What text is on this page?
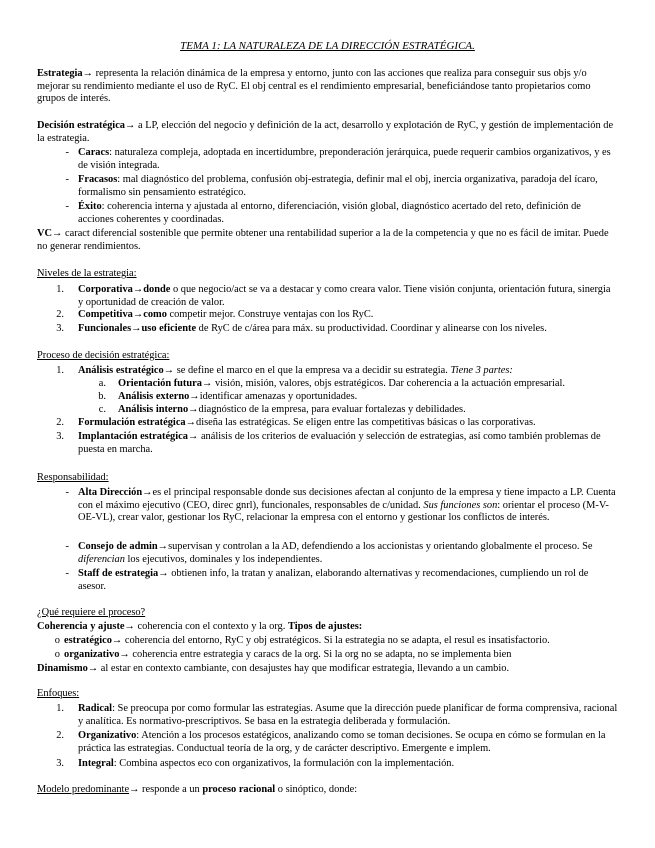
TEMA 1: LA NATURALEZA DE LA DIRECCIÓN ESTRATÉGICA.

Estrategia→ representa la relación dinámica de la empresa y entorno, junto con las acciones que realiza para conseguir sus objs y/o mejorar su rendimiento mediante el uso de RyC. El obj central es el rendimiento empresarial, beneficiándose tanto propietarios como grupos de interés.

Decisión estratégica→ a LP, elección del negocio y definición de la act, desarrollo y explotación de RyC, y gestión de implementación de la estrategia.

- Caracs: naturaleza compleja, adoptada en incertidumbre, preponderación jerárquica, puede requerir cambios organizativos, y es de visión integrada.

- Fracasos: mal diagnóstico del problema, confusión obj-estrategia, definir mal el obj, inercia organizativa, paradoja del ícaro, formalismo sin pensamiento estratégico.

- Éxito: coherencia interna y ajustada al entorno, diferenciación, visión global, diagnóstico acertado del reto, definición de acciones coherentes y coordinadas.

VC→ caract diferencial sostenible que permite obtener una rentabilidad superior a la de la competencia y que no es fácil de imitar. Puede no generar rendimientos.

Niveles de la estrategia:

1. Corporativa→donde o que negocio/act se va a destacar y como creara valor. Tiene visión conjunta, orientación futura, sinergia y oportunidad de creación de valor.

2. Competitiva→como competir mejor. Construye ventajas con los RyC.

3. Funcionales→uso eficiente de RyC de c/área para máx. su productividad. Coordinar y alinearse con los niveles.

Proceso de decisión estratégica:

1. Análisis estratégico→ se define el marco en el que la empresa va a decidir su estrategia. Tiene 3 partes:

a. Orientación futura→ visión, misión, valores, objs estratégicos. Dar coherencia a la actuación empresarial.

b. Análisis externo→identificar amenazas y oportunidades.

c. Análisis interno→diagnóstico de la empresa, para evaluar fortalezas y debilidades.

2. Formulación estratégica→diseña las estratégicas. Se eligen entre las competitivas básicas o las corporativas.

3. Implantación estratégica→ análisis de los criterios de evaluación y selección de estrategias, así como también problemas de puesta en marcha.

Responsabilidad:

- Alta Dirección→es el principal responsable donde sus decisiones afectan al conjunto de la empresa y tiene impacto a LP. Cuenta con el máximo ejecutivo (CEO, direc gnrl), funcionales, responsables de c/unidad. Sus funciones son: orientar el proceso (M-V-OE-VL), crear valor, gestionar los RyC, relacionar la empresa con el entorno y gestionar los conflictos de interés.

- Consejo de admin→supervisan y controlan a la AD, defendiendo a los accionistas y orientando globalmente el proceso. Se diferencian los ejecutivos, dominales y los independientes.

- Staff de estrategia→ obtienen info, la tratan y analizan, elaborando alternativas y recomendaciones, cumpliendo un rol de asesor.

¿Qué requiere el proceso?

Coherencia y ajuste→ coherencia con el contexto y la org. Tipos de ajustes:

o estratégico→ coherencia del entorno, RyC y obj estratégicos. Si la estrategia no se adapta, el resul es insatisfactorio.

o organizativo→ coherencia entre estrategia y caracs de la org. Si la org no se adapta, no se implementa bien

Dinamismo→ al estar en contexto cambiante, con desajustes hay que modificar estrategia, llevando a un cambio.

Enfoques:

1. Radical: Se preocupa por como formular las estrategias. Asume que la dirección puede planificar de forma comprensiva, racional y analítica. Es normativo-prescriptivos. Se basa en la estrategia deliberada y formulación.

2. Organizativo: Atención a los procesos estatégicos, analizando como se toman decisiones. Se ocupa en cómo se formulan en la práctica las estrategias. Conductual teoría de la org, y de carácter descriptivo. Emergente e implem.

3. Integral: Combina aspectos eco con organizativos, la formulación con la implementación.

Modelo predominante→ responde a un proceso racional o sinóptico, donde:
